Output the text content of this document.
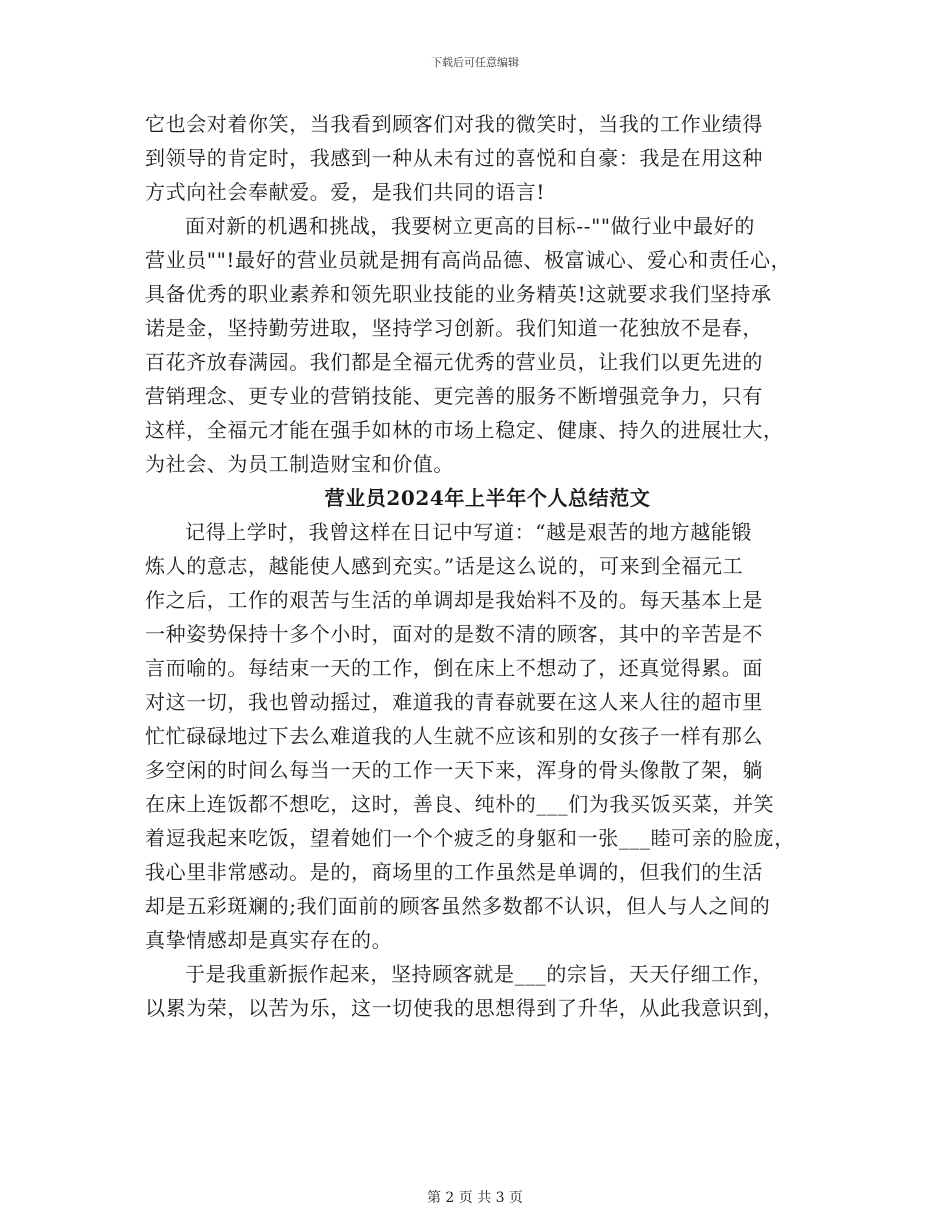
下载后可任意编辑

它也会对着你笑，当我看到顾客们对我的微笑时，当我的工作业绩得
到领导的肯定时，我感到一种从未有过的喜悦和自豪：我是在用这种
方式向社会奉献爱。爱，是我们共同的语言!

面对新的机遇和挑战，我要树立更高的目标--""做行业中最好的
营业员""!最好的营业员就是拥有高尚品德、极富诚心、爱心和责任心，
具备优秀的职业素养和领先职业技能的业务精英!这就要求我们坚持承
诺是金，坚持勤劳进取，坚持学习创新。我们知道一花独放不是春，
百花齐放春满园。我们都是全福元优秀的营业员，让我们以更先进的
营销理念、更专业的营销技能、更完善的服务不断增强竞争力，只有
这样，全福元才能在强手如林的市场上稳定、健康、持久的进展壮大，
为社会、为员工制造财宝和价值。

营业员2024年上半年个人总结范文

记得上学时，我曾这样在日记中写道：“越是艰苦的地方越能锻
炼人的意志，越能使人感到充实。”话是这么说的，可来到全福元工
作之后，工作的艰苦与生活的单调却是我始料不及的。每天基本上是
一种姿势保持十多个小时，面对的是数不清的顾客，其中的辛苦是不
言而喻的。每结束一天的工作，倒在床上不想动了，还真觉得累。面
对这一切，我也曾动摇过，难道我的青春就要在这人来人往的超市里
忙忙碌碌地过下去么难道我的人生就不应该和别的女孩子一样有那么
多空闲的时间么每当一天的工作一天下来，浑身的骨头像散了架，躺
在床上连饭都不想吃，这时，善良、纯朴的___们为我买饭买菜，并笑
着逗我起来吃饭，望着她们一个个疲乏的身躯和一张___睦可亲的脸庞，
我心里非常感动。是的，商场里的工作虽然是单调的，但我们的生活
却是五彩斑斓的;我们面前的顾客虽然多数都不认识，但人与人之间的
真挚情感却是真实存在的。

于是我重新振作起来，坚持顾客就是___的宗旨，天天仔细工作，
以累为荣，以苦为乐，这一切使我的思想得到了升华，从此我意识到，

第 2 页 共 3 页
